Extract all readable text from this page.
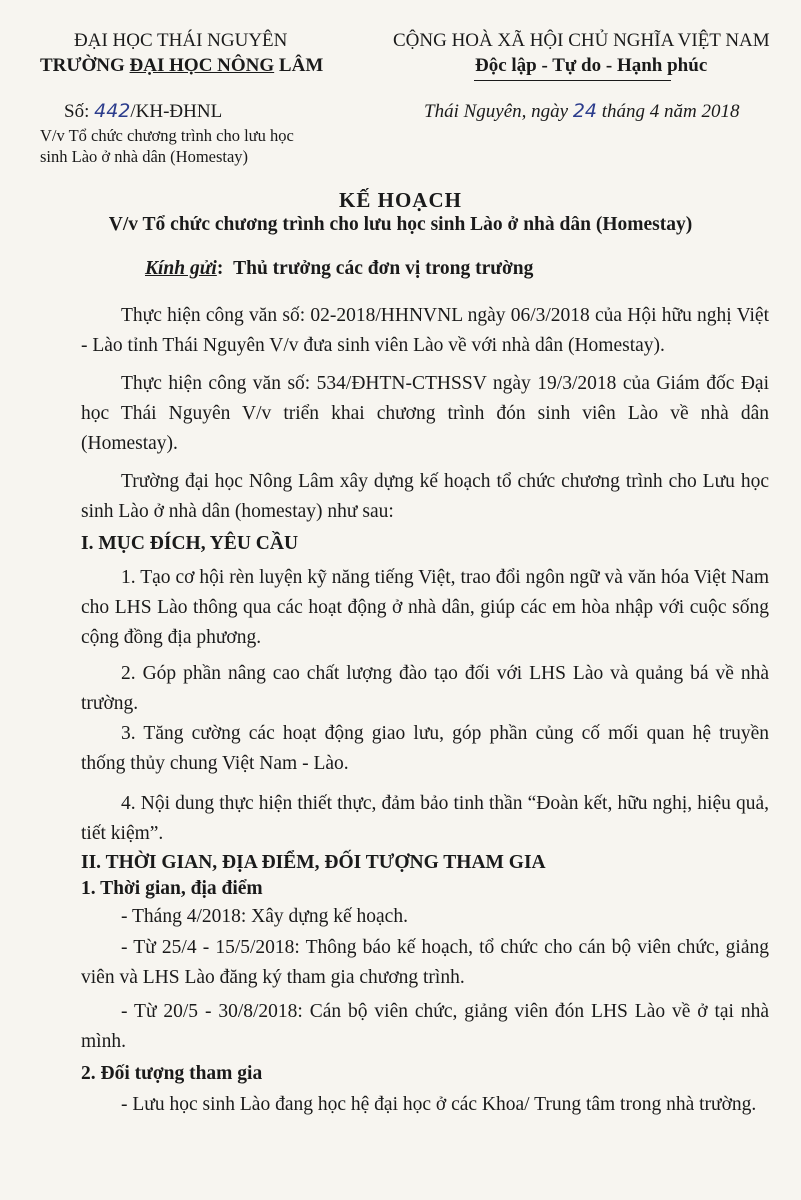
ĐẠI HỌC THÁI NGUYÊN
TRƯỜNG ĐẠI HỌC NÔNG LÂM
CỘNG HOÀ XÃ HỘI CHỦ NGHĨA VIỆT NAM
Độc lập - Tự do - Hạnh phúc
Số: 442/KH-ĐHNL
V/v Tổ chức chương trình cho lưu học
sinh Lào ở nhà dân (Homestay)
Thái Nguyên, ngày 24 tháng 4 năm 2018
KẾ HOẠCH
V/v Tổ chức chương trình cho lưu học sinh Lào ở nhà dân (Homestay)
Kính gửi: Thủ trưởng các đơn vị trong trường
Thực hiện công văn số: 02-2018/HHNVNL ngày 06/3/2018 của Hội hữu nghị Việt - Lào tỉnh Thái Nguyên V/v đưa sinh viên Lào về với nhà dân (Homestay).
Thực hiện công văn số: 534/ĐHTN-CTHSSV ngày 19/3/2018 của Giám đốc Đại học Thái Nguyên V/v triển khai chương trình đón sinh viên Lào về nhà dân (Homestay).
Trường đại học Nông Lâm xây dựng kế hoạch tổ chức chương trình cho Lưu học sinh Lào ở nhà dân (homestay) như sau:
I. MỤC ĐÍCH, YÊU CẦU
1. Tạo cơ hội rèn luyện kỹ năng tiếng Việt, trao đổi ngôn ngữ và văn hóa Việt Nam cho LHS Lào thông qua các hoạt động ở nhà dân, giúp các em hòa nhập với cuộc sống cộng đồng địa phương.
2. Góp phần nâng cao chất lượng đào tạo đối với LHS Lào và quảng bá về nhà trường.
3. Tăng cường các hoạt động giao lưu, góp phần củng cố mối quan hệ truyền thống thủy chung Việt Nam - Lào.
4. Nội dung thực hiện thiết thực, đảm bảo tinh thần “Đoàn kết, hữu nghị, hiệu quả, tiết kiệm”.
II. THỜI GIAN, ĐỊA ĐIỂM, ĐỐI TƯỢNG THAM GIA
1. Thời gian, địa điểm
- Tháng 4/2018: Xây dựng kế hoạch.
- Từ 25/4 - 15/5/2018: Thông báo kế hoạch, tổ chức cho cán bộ viên chức, giảng viên và LHS Lào đăng ký tham gia chương trình.
- Từ 20/5 - 30/8/2018: Cán bộ viên chức, giảng viên đón LHS Lào về ở tại nhà mình.
2. Đối tượng tham gia
- Lưu học sinh Lào đang học hệ đại học ở các Khoa/ Trung tâm trong nhà trường.
